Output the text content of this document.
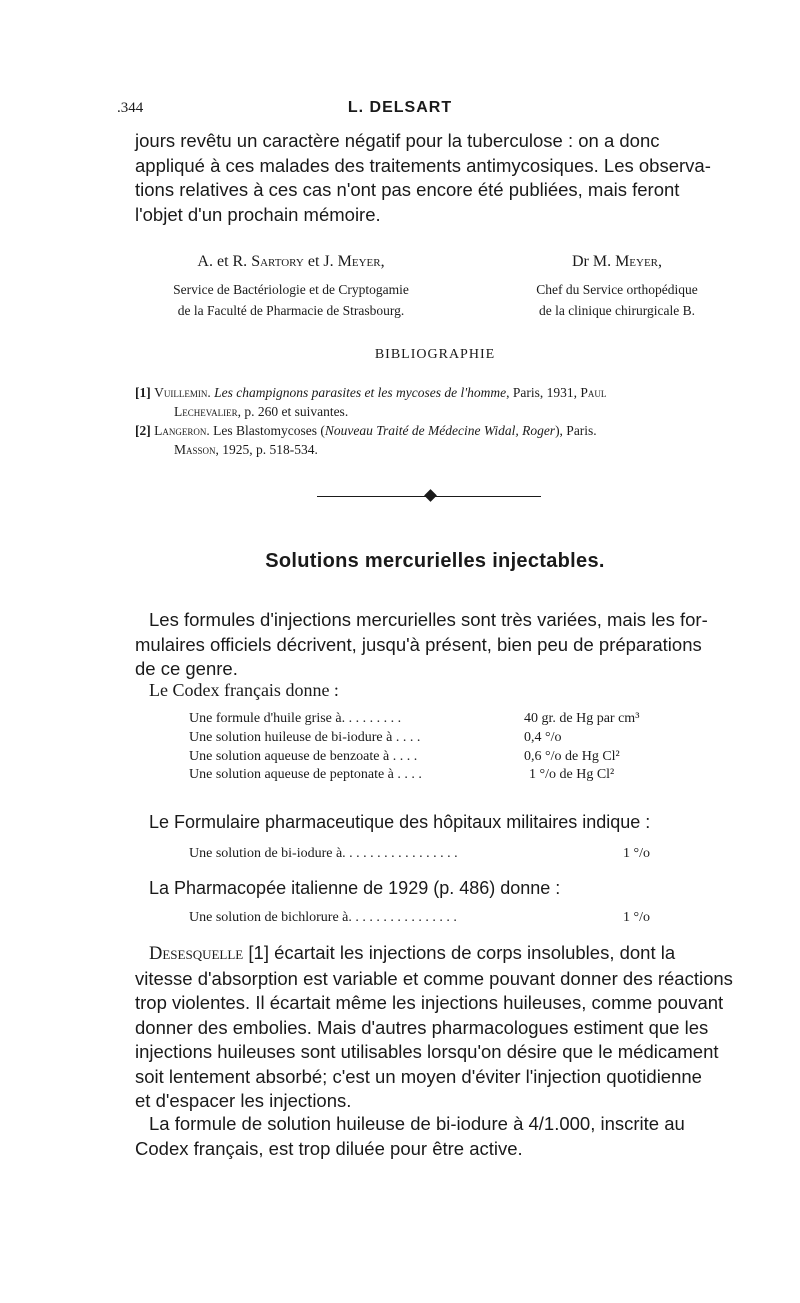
.344	L. DELSART
jours revêtu un caractère négatif pour la tuberculose : on a donc
appliqué à ces malades des traitements antimycosiques. Les observa-
tions relatives à ces cas n'ont pas encore été publiées, mais feront
l'objet d'un prochain mémoire.
A. et R. Sartory et J. Meyer,
Service de Bactériologie et de Cryptogamie
de la Faculté de Pharmacie de Strasbourg.
Dr M. Meyer,
Chef du Service orthopédique
de la clinique chirurgicale B.
BIBLIOGRAPHIE
[1] Vuillemin. Les champignons parasites et les mycoses de l'homme, Paris, 1931, Paul
Lechevalier, p. 260 et suivantes.
[2] Langeron. Les Blastomycoses (Nouveau Traité de Médecine Widal, Roger), Paris.
Masson, 1925, p. 518-534.
Solutions mercurielles injectables.
Les formules d'injections mercurielles sont très variées, mais les for-
mulaires officiels décrivent, jusqu'à présent, bien peu de préparations
de ce genre.
Le Codex français donne :
Une formule d'huile grise à. . . . . . . . .	40 gr. de Hg par cm³
Une solution huileuse de bi-iodure à . . . .	0,4 °/o
Une solution aqueuse de benzoate à . . . .	0,6 °/o de Hg Cl²
Une solution aqueuse de peptonate à . . . .	1 °/o de Hg Cl²
Le Formulaire pharmaceutique des hôpitaux militaires indique :
Une solution de bi-iodure à. . . . . . . . . . . . . . . . .	1 °/o
La Pharmacopée italienne de 1929 (p. 486) donne :
Une solution de bichlorure à. . . . . . . . . . . . . . . .	1 °/o
Desesquelle [1] écartait les injections de corps insolubles, dont la
vitesse d'absorption est variable et comme pouvant donner des réactions
trop violentes. Il écartait même les injections huileuses, comme pouvant
donner des embolies. Mais d'autres pharmacologues estiment que les
injections huileuses sont utilisables lorsqu'on désire que le médicament
soit lentement absorbé; c'est un moyen d'éviter l'injection quotidienne
et d'espacer les injections.
La formule de solution huileuse de bi-iodure à 4/1.000, inscrite au
Codex français, est trop diluée pour être active.
